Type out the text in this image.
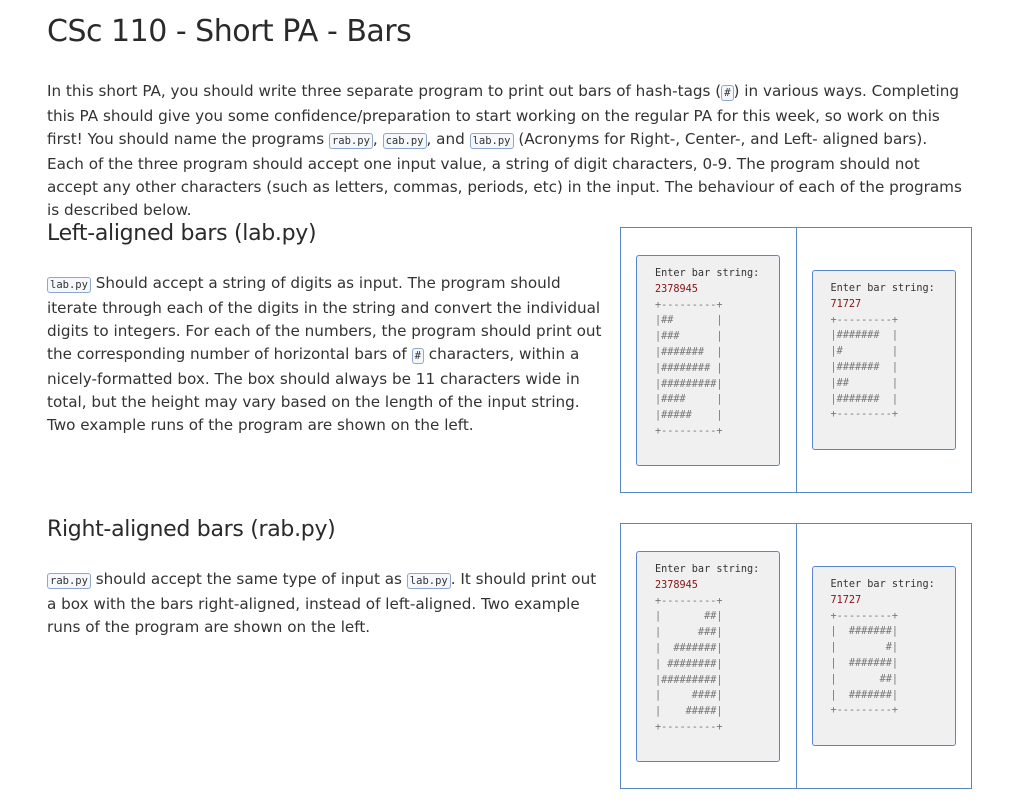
CSc 110 - Short PA - Bars

In this short PA, you should write three separate program to print out bars of hash-tags ( # ) in various ways. Completing this PA should give you some confidence/preparation to start working on the regular PA for this week, so work on this first! You should name the programs rab.py , cab.py , and lab.py (Acronyms for Right-, Center-, and Left- aligned bars). Each of the three program should accept one input value, a string of digit characters, 0-9. The program should not accept any other characters (such as letters, commas, periods, etc) in the input. The behaviour of each of the programs is described below.

Left-aligned bars (lab.py)

lab.py Should accept a string of digits as input. The program should iterate through each of the digits in the string and convert the individual digits to integers. For each of the numbers, the program should print out the corresponding number of horizontal bars of # characters, within a nicely-formatted box. The box should always be 11 characters wide in total, but the height may vary based on the length of the input string. Two example runs of the program are shown on the left.

Enter bar string:
2378945
+---------+
|##       |
|###      |
|#######  |
|######## |
|#########|
|####     |
|#####    |
+---------+
Enter bar string:
71727
+---------+
|#######  |
|#        |
|#######  |
|##       |
|#######  |
+---------+
Right-aligned bars (rab.py)

rab.py should accept the same type of input as lab.py . It should print out a box with the bars right-aligned, instead of left-aligned. Two example runs of the program are shown on the left.

Enter bar string:
2378945
+---------+
|       ##|
|      ###|
|  #######|
| ########|
|#########|
|     ####|
|    #####|
+---------+
Enter bar string:
71727
+---------+
|  #######|
|        #|
|  #######|
|       ##|
|  #######|
+---------+
